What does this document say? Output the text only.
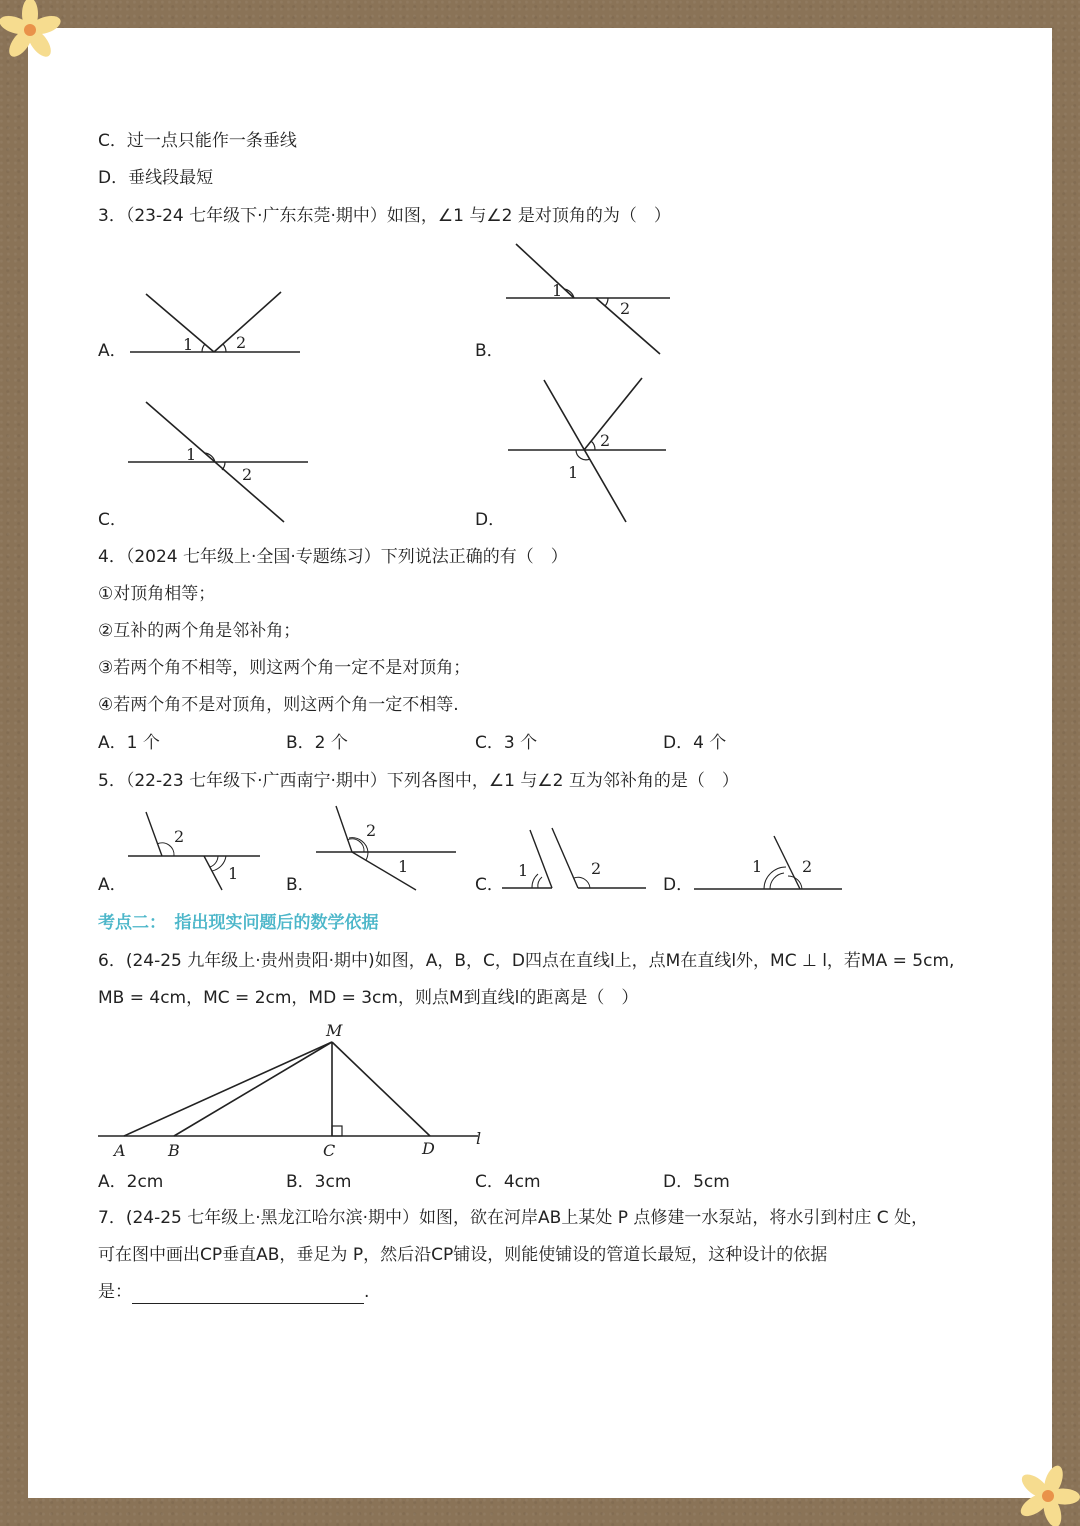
C．过一点只能作一条垂线
D．垂线段最短
3．（23-24 七年级下·广东东莞·期中）如图，∠1 与∠2 是对顶角的为（　）
A．	1	2	B．
1
2
C．
1
2
D．
2
1
4．（2024 七年级上·全国·专题练习）下列说法正确的有（　）
①对顶角相等；
②互补的两个角是邻补角；
③若两个角不相等，则这两个角一定不是对顶角；
④若两个角不是对顶角，则这两个角一定不相等.
A．1 个	B．2 个	C．3 个	D．4 个
5．（22-23 七年级下·广西南宁·期中）下列各图中，∠1 与∠2 互为邻补角的是（　）
A．
2
1
B．
2
1
C．
1	2
D．
1 2
考点二：　指出现实问题后的数学依据
6．(24-25 九年级上·贵州贵阳·期中)如图，A，B，C，D四点在直线l上，点M在直线l外，MC ⊥ l，若MA = 5cm,
MB = 4cm，MC = 2cm，MD = 3cm，则点M到直线l的距离是（　）
M
A	B	C	D
l
A．2cm	B．3cm	C．4cm	D．5cm
7．(24-25 七年级上·黑龙江哈尔滨·期中）如图，欲在河岸AB上某处 P 点修建一水泵站，将水引到村庄 C 处，
可在图中画出CP垂直AB，垂足为 P，然后沿CP铺设，则能使铺设的管道长最短，这种设计的依据
是：	.
